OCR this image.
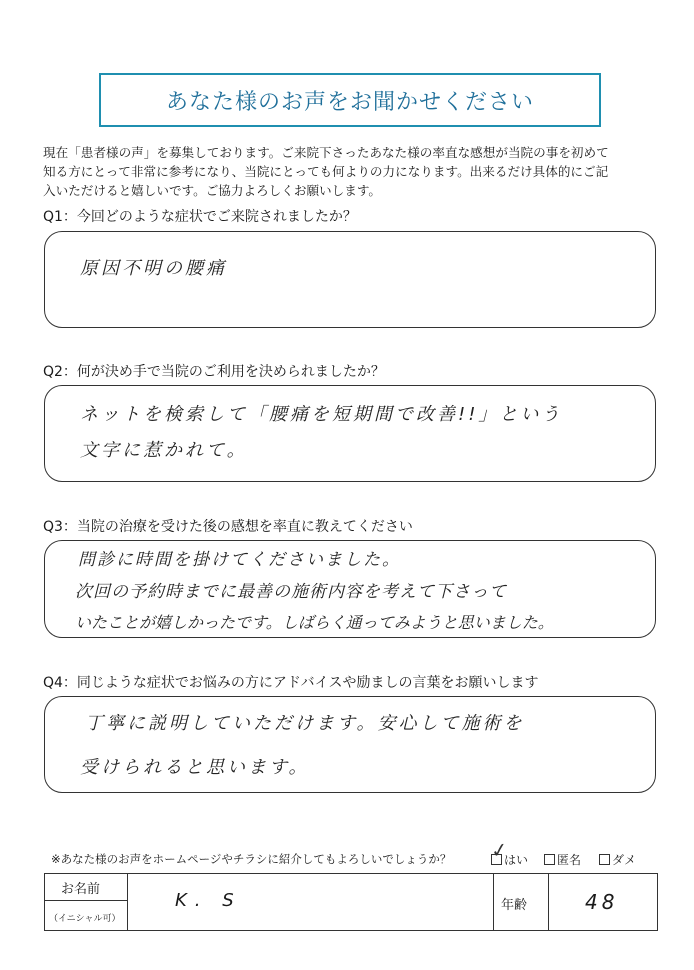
あなた様のお声をお聞かせください
現在「患者様の声」を募集しております。ご来院下さったあなた様の率直な感想が当院の事を初めて
知る方にとって非常に参考になり、当院にとっても何よりの力になります。出来るだけ具体的にご記
入いただけると嬉しいです。ご協力よろしくお願いします。
Q1：今回どのような症状でご来院されましたか？
原因不明の腰痛
Q2：何が決め手で当院のご利用を決められましたか？
ネットを検索して「腰痛を短期間で改善!!」という
文字に惹かれて。
Q3：当院の治療を受けた後の感想を率直に教えてください
問診に時間を掛けてくださいました。
次回の予約時までに最善の施術内容を考えて下さって
いたことが嬉しかったです。しばらく通ってみようと思いました。
Q4：同じような症状でお悩みの方にアドバイスや励ましの言葉をお願いします
丁寧に説明していただけます。安心して施術を
受けられると思います。
※あなた様のお声をホームページやチラシに紹介してもよろしいでしょうか？	はい	匿名	ダメ
✓
お名前
（イニシャル可）
K. S	年齢	48
